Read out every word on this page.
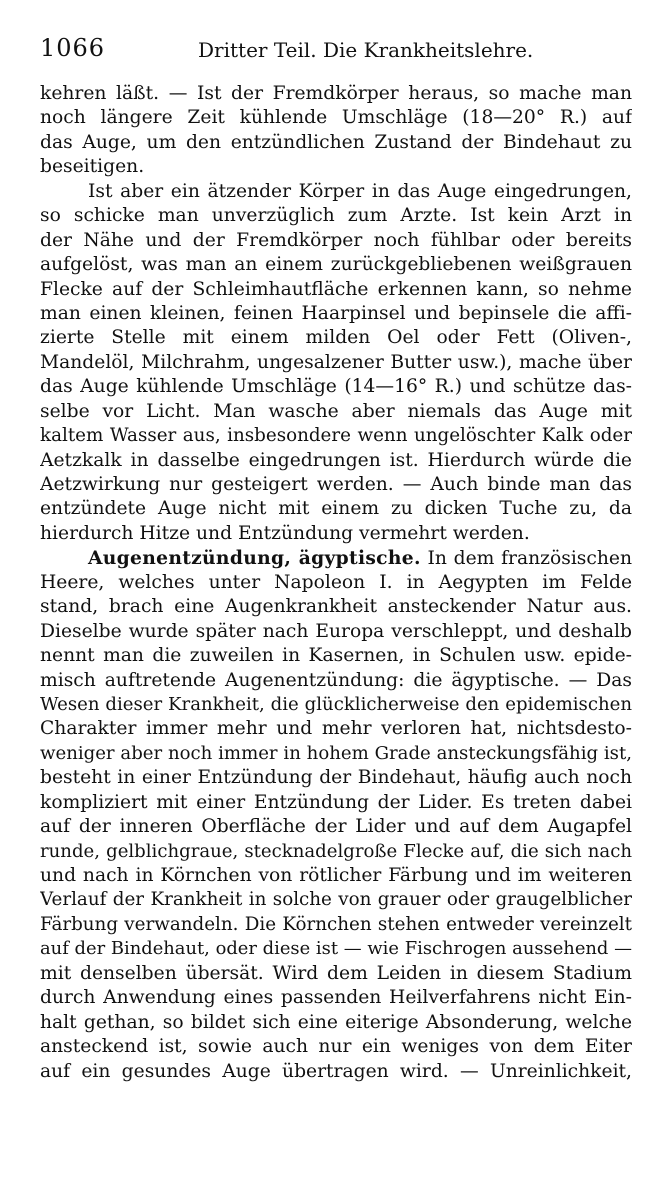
1066	Dritter Teil. Die Krankheitslehre.
kehren läßt. — Ist der Fremdkörper heraus, so mache man
noch längere Zeit kühlende Umschläge (18—20° R.) auf
das Auge, um den entzündlichen Zustand der Bindehaut zu
beseitigen.
Ist aber ein ätzender Körper in das Auge eingedrungen,
so schicke man unverzüglich zum Arzte. Ist kein Arzt in
der Nähe und der Fremdkörper noch fühlbar oder bereits
aufgelöst, was man an einem zurückgebliebenen weißgrauen
Flecke auf der Schleimhautfläche erkennen kann, so nehme
man einen kleinen, feinen Haarpinsel und bepinsele die affi-
zierte Stelle mit einem milden Oel oder Fett (Oliven-,
Mandelöl, Milchrahm, ungesalzener Butter usw.), mache über
das Auge kühlende Umschläge (14—16° R.) und schütze das-
selbe vor Licht. Man wasche aber niemals das Auge mit
kaltem Wasser aus, insbesondere wenn ungelöschter Kalk oder
Aetzkalk in dasselbe eingedrungen ist. Hierdurch würde die
Aetzwirkung nur gesteigert werden. — Auch binde man das
entzündete Auge nicht mit einem zu dicken Tuche zu, da
hierdurch Hitze und Entzündung vermehrt werden.
Augenentzündung, ägyptische. In dem französischen
Heere, welches unter Napoleon I. in Aegypten im Felde
stand, brach eine Augenkrankheit ansteckender Natur aus.
Dieselbe wurde später nach Europa verschleppt, und deshalb
nennt man die zuweilen in Kasernen, in Schulen usw. epide-
misch auftretende Augenentzündung: die ägyptische. — Das
Wesen dieser Krankheit, die glücklicherweise den epidemischen
Charakter immer mehr und mehr verloren hat, nichtsdesto-
weniger aber noch immer in hohem Grade ansteckungsfähig ist,
besteht in einer Entzündung der Bindehaut, häufig auch noch
kompliziert mit einer Entzündung der Lider. Es treten dabei
auf der inneren Oberfläche der Lider und auf dem Augapfel
runde, gelblichgraue, stecknadelgroße Flecke auf, die sich nach
und nach in Körnchen von rötlicher Färbung und im weiteren
Verlauf der Krankheit in solche von grauer oder graugelblicher
Färbung verwandeln. Die Körnchen stehen entweder vereinzelt
auf der Bindehaut, oder diese ist — wie Fischrogen aussehend —
mit denselben übersät. Wird dem Leiden in diesem Stadium
durch Anwendung eines passenden Heilverfahrens nicht Ein-
halt gethan, so bildet sich eine eiterige Absonderung, welche
ansteckend ist, sowie auch nur ein weniges von dem Eiter
auf ein gesundes Auge übertragen wird. — Unreinlichkeit,
